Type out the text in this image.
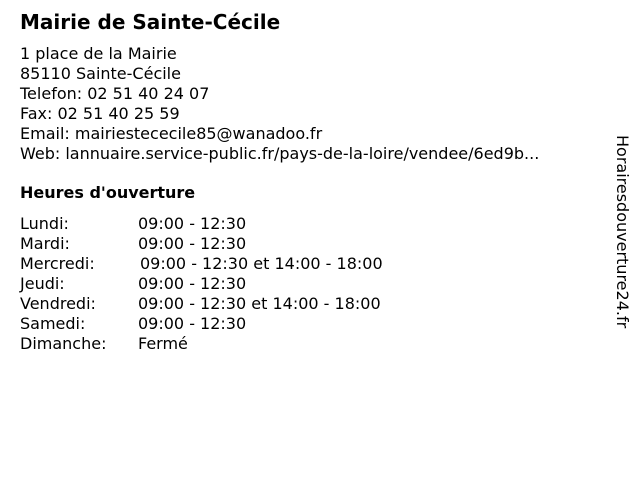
Mairie de Sainte-Cécile
1 place de la Mairie
85110 Sainte-Cécile
Telefon: 02 51 40 24 07
Fax: 02 51 40 25 59
Email: mairiestececile85@wanadoo.fr
Web: lannuaire.service-public.fr/pays-de-la-loire/vendee/6ed9b...
Heures d'ouverture
Lundi:	09:00 - 12:30
Mardi:	09:00 - 12:30
Mercredi:	09:00 - 12:30 et 14:00 - 18:00
Jeudi:	09:00 - 12:30
Vendredi:	09:00 - 12:30 et 14:00 - 18:00
Samedi:	09:00 - 12:30
Dimanche: Fermé
Horairesdouverture24.fr
